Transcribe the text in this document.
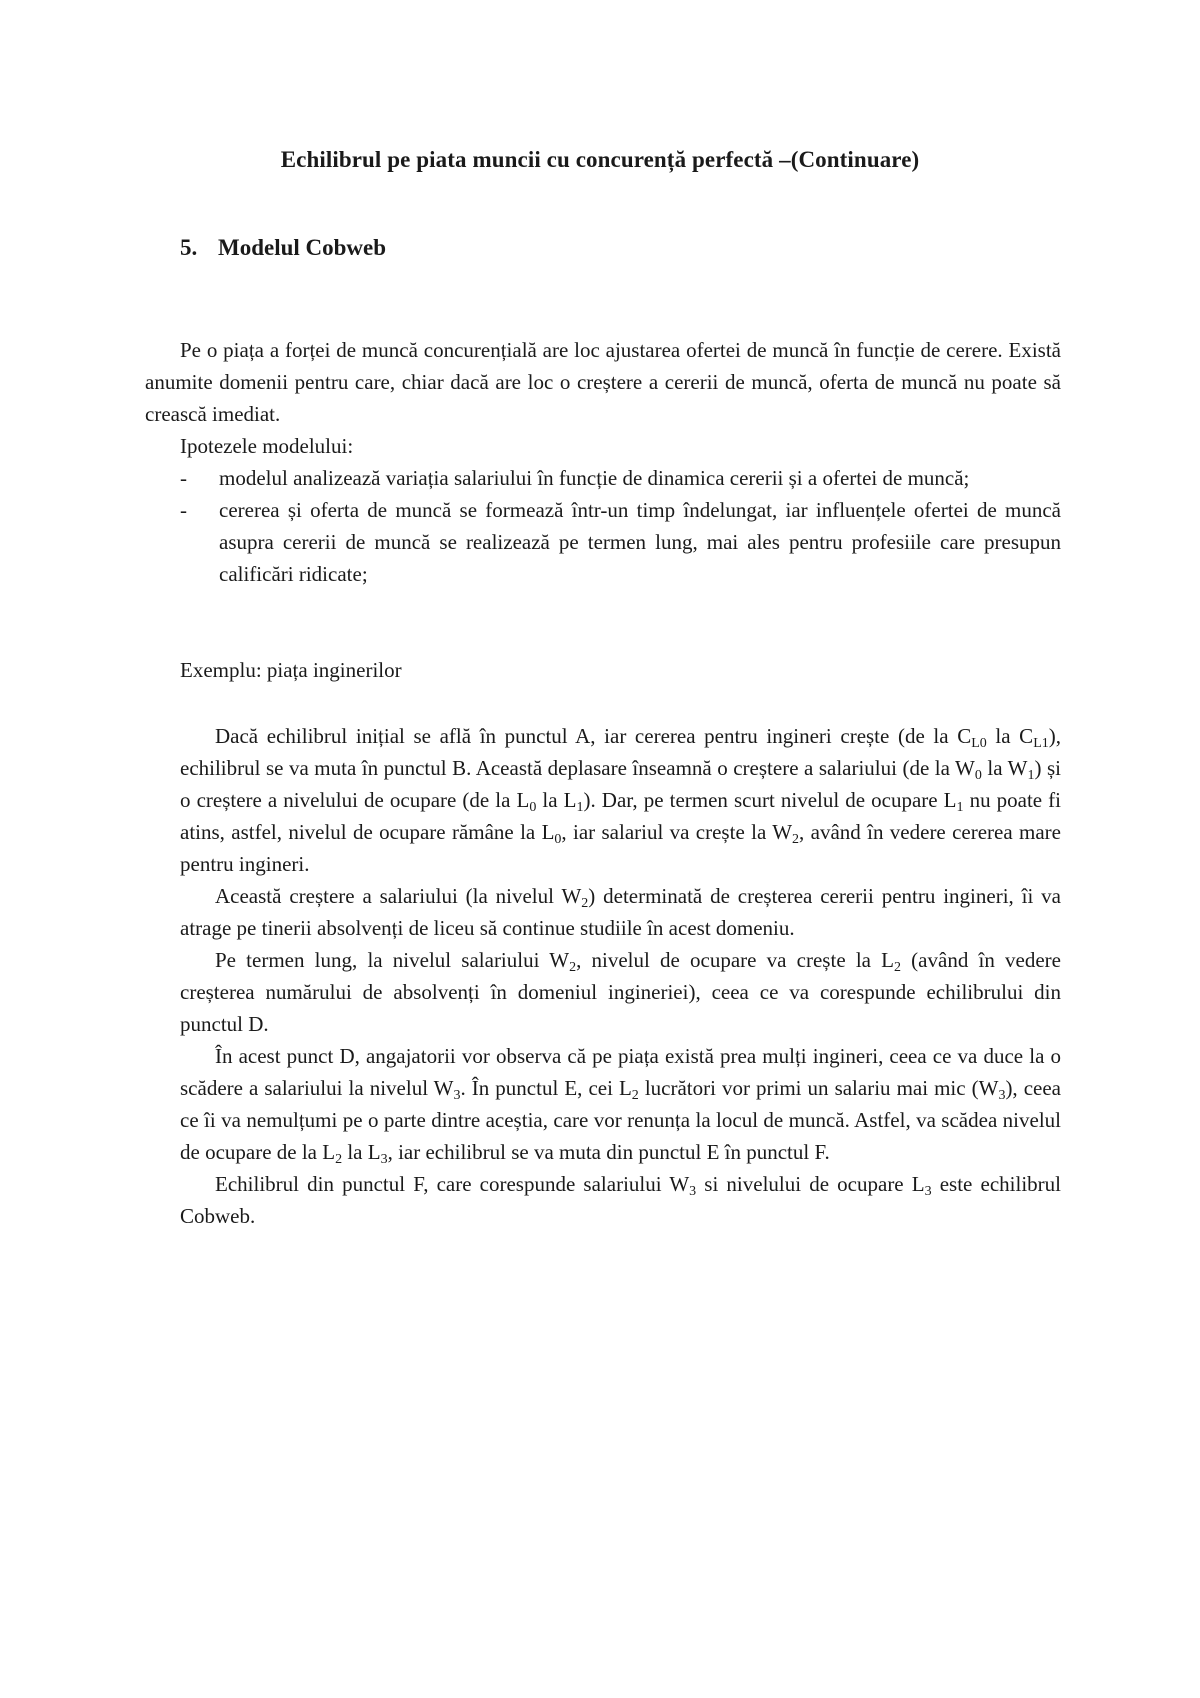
Echilibrul pe piata muncii cu concurență perfectă –(Continuare)
5. Modelul Cobweb

Pe o piața a forței de muncă concurențială are loc ajustarea ofertei de muncă în funcție de cerere. Există anumite domenii pentru care, chiar dacă are loc o creștere a cererii de muncă, oferta de muncă nu poate să crească imediat.

Ipotezele modelului:

- modelul analizează variația salariului în funcție de dinamica cererii și a ofertei de muncă;
- cererea și oferta de muncă se formează într-un timp îndelungat, iar influențele ofertei de muncă asupra cererii de muncă se realizează pe termen lung, mai ales pentru profesiile care presupun calificări ridicate;
Exemplu: piața inginerilor

Dacă echilibrul inițial se află în punctul A, iar cererea pentru ingineri crește (de la $C_{L0}$ la $C_{L1}$), echilibrul se va muta în punctul B. Această deplasare înseamnă o creștere a salariului (de la $W_0$ la $W_1$) și o creștere a nivelului de ocupare (de la $L_0$ la $L_1$). Dar, pe termen scurt nivelul de ocupare $L_1$ nu poate fi atins, astfel, nivelul de ocupare rămâne la $L_0$, iar salariul va crește la $W_2$, având în vedere cererea mare pentru ingineri.

Această creștere a salariului (la nivelul $W_2$) determinată de creșterea cererii pentru ingineri, îi va atrage pe tinerii absolvenți de liceu să continue studiile în acest domeniu.

Pe termen lung, la nivelul salariului $W_2$, nivelul de ocupare va crește la $L_2$ (având în vedere creșterea numărului de absolvenți în domeniul ingineriei), ceea ce va corespunde echilibrului din punctul D.

În acest punct D, angajatorii vor observa că pe piața există prea mulți ingineri, ceea ce va duce la o scădere a salariului la nivelul $W_3$. În punctul E, cei $L_2$ lucrători vor primi un salariu mai mic $(W_3)$, ceea ce îi va nemulțumi pe o parte dintre aceștia, care vor renunța la locul de muncă. Astfel, va scădea nivelul de ocupare de la $L_2$ la $L_3$, iar echilibrul se va muta din punctul E în punctul F.

Echilibrul din punctul F, care corespunde salariului $W_3$ si nivelului de ocupare $L_3$ este echilibrul Cobweb.
